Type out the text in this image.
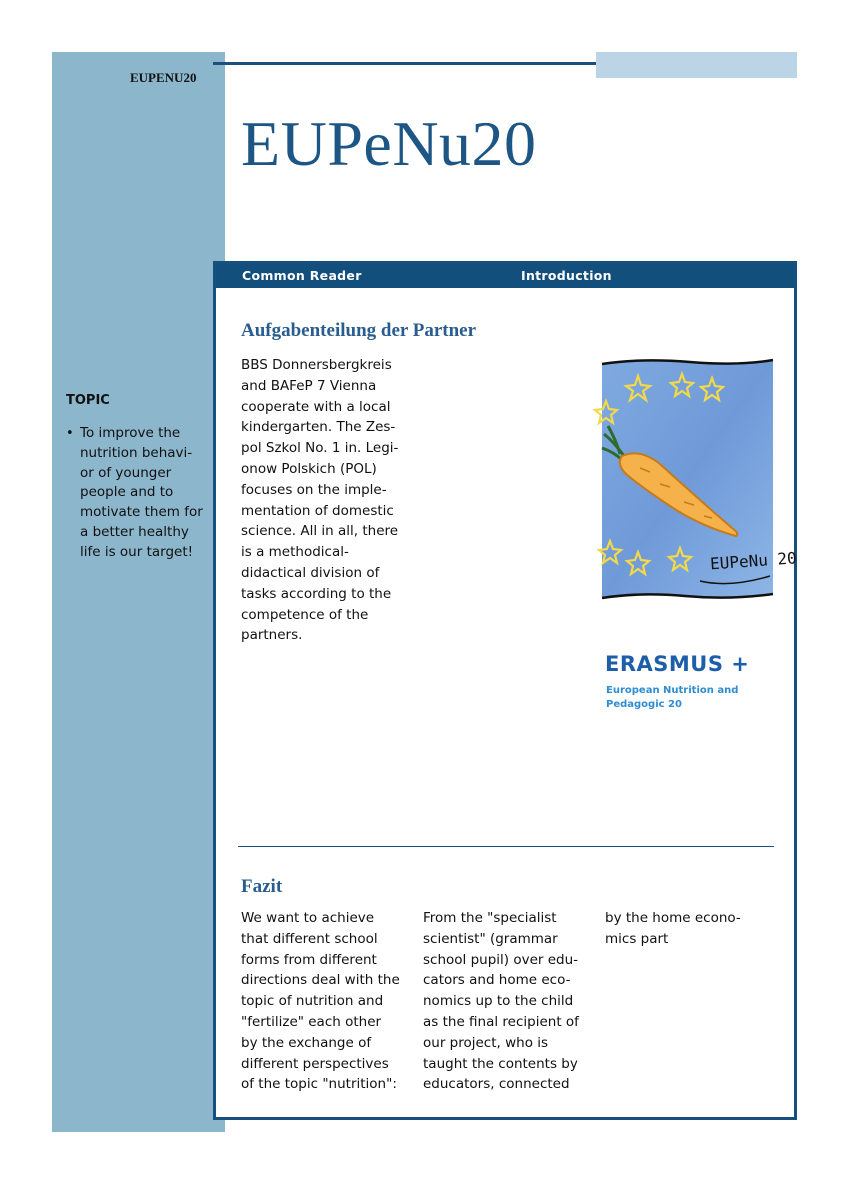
EUPENU20
TOPIC
• To improve the nutrition behavi-or of younger people and to motivate them for a better healthy life is our target!
EUPeNu20
Common Reader	Introduction
Aufgabenteilung der Partner
BBS Donnersbergkreis
and BAFeP 7 Vienna
cooperate with a local
kindergarten. The Zes-
pol Szkol No. 1 in. Legi-
onow Polskich (POL)
focuses on the imple-
mentation of domestic
science. All in all, there
is a methodical-
didactical division of
tasks according to the
competence of the
partners.
EUPeNu 20
ERASMUS +
European Nutrition and
Pedagogic 20
Fazit
We want to achieve
that different school
forms from different
directions deal with the
topic of nutrition and
"fertilize" each other
by the exchange of
different perspectives
of the topic "nutrition":
From the "specialist
scientist" (grammar
school pupil) over edu-
cators and home eco-
nomics up to the child
as the final recipient of
our project, who is
taught the contents by
educators, connected
by the home econo-
mics part
